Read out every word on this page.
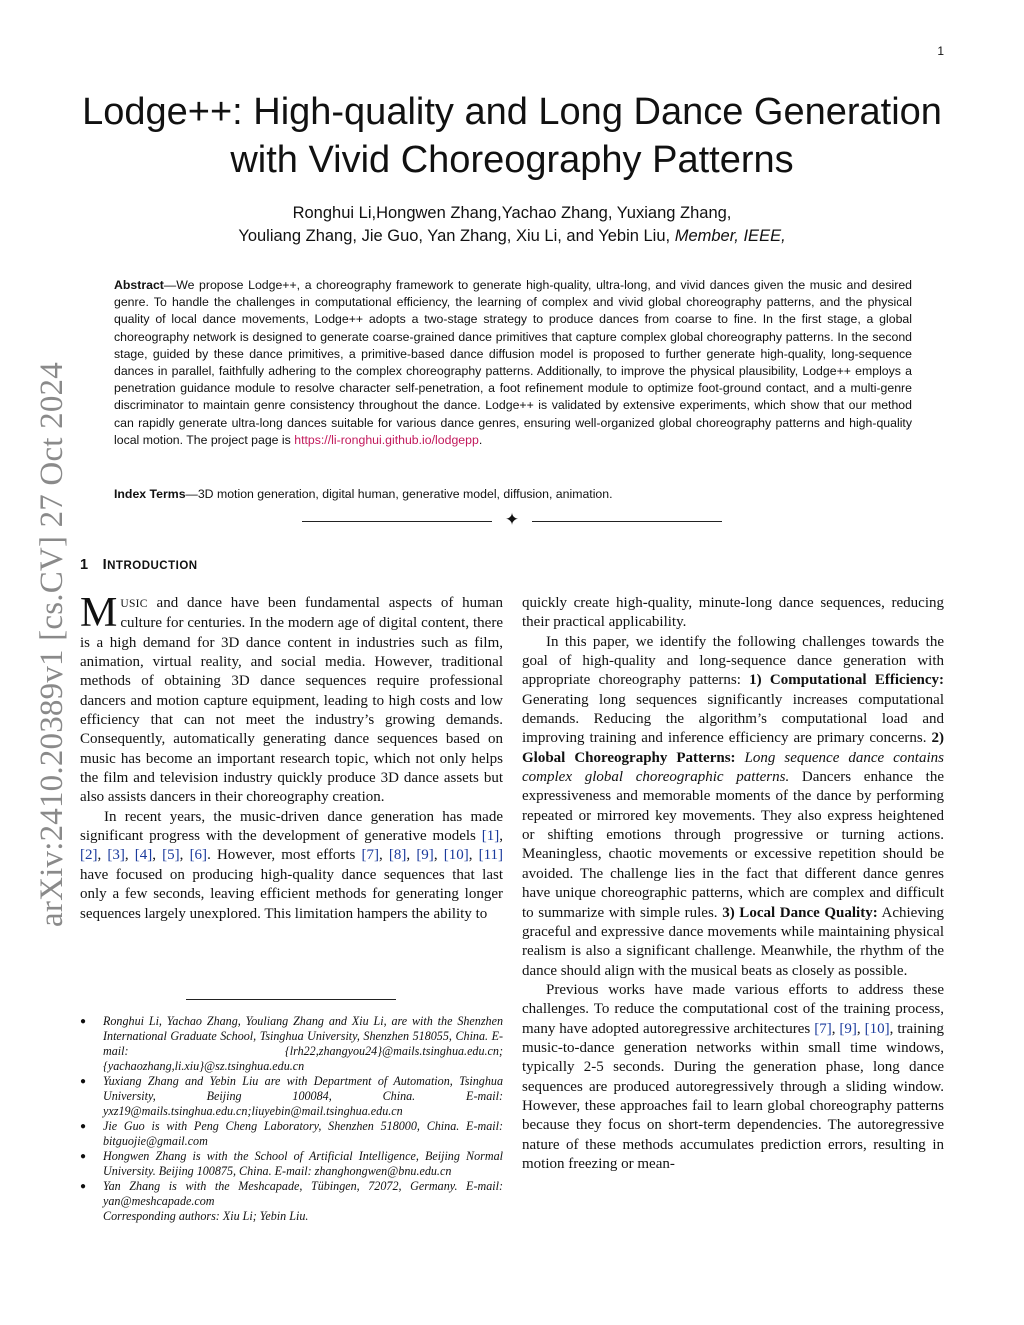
1
arXiv:2410.20389v1 [cs.CV] 27 Oct 2024
Lodge++: High-quality and Long Dance Generation with Vivid Choreography Patterns
Ronghui Li,Hongwen Zhang,Yachao Zhang, Yuxiang Zhang,
Youliang Zhang, Jie Guo, Yan Zhang, Xiu Li, and Yebin Liu, Member, IEEE,

Abstract—We propose Lodge++, a choreography framework to generate high-quality, ultra-long, and vivid dances given the music and desired genre. To handle the challenges in computational efficiency, the learning of complex and vivid global choreography patterns, and the physical quality of local dance movements, Lodge++ adopts a two-stage strategy to produce dances from coarse to fine. In the first stage, a global choreography network is designed to generate coarse-grained dance primitives that capture complex global choreography patterns. In the second stage, guided by these dance primitives, a primitive-based dance diffusion model is proposed to further generate high-quality, long-sequence dances in parallel, faithfully adhering to the complex choreography patterns. Additionally, to improve the physical plausibility, Lodge++ employs a penetration guidance module to resolve character self-penetration, a foot refinement module to optimize foot-ground contact, and a multi-genre discriminator to maintain genre consistency throughout the dance. Lodge++ is validated by extensive experiments, which show that our method can rapidly generate ultra-long dances suitable for various dance genres, ensuring well-organized global choreography patterns and high-quality local motion. The project page is https://li-ronghui.github.io/lodgepp.

Index Terms—3D motion generation, digital human, generative model, diffusion, animation.

✦
1 INTRODUCTION

MUSIC and dance have been fundamental aspects of human culture for centuries. In the modern age of digital content, there is a high demand for 3D dance content in industries such as film, animation, virtual reality, and social media. However, traditional methods of obtaining 3D dance sequences require professional dancers and motion capture equipment, leading to high costs and low efficiency that can not meet the industry’s growing demands. Consequently, automatically generating dance sequences based on music has become an important research topic, which not only helps the film and television industry quickly produce 3D dance assets but also assists dancers in their choreography creation.

In recent years, the music-driven dance generation has made significant progress with the development of generative models [1], [2], [3], [4], [5], [6]. However, most efforts [7], [8], [9], [10], [11] have focused on producing high-quality dance sequences that last only a few seconds, leaving efficient methods for generating longer sequences largely unexplored. This limitation hampers the ability to

● Ronghui Li, Yachao Zhang, Youliang Zhang and Xiu Li, are with the Shenzhen International Graduate School, Tsinghua University, Shenzhen 518055, China. E-mail: {lrh22,zhangyou24}@mails.tsinghua.edu.cn; {yachaozhang,li.xiu}@sz.tsinghua.edu.cn
● Yuxiang Zhang and Yebin Liu are with Department of Automation, Tsinghua University, Beijing 100084, China. E-mail: yxz19@mails.tsinghua.edu.cn;liuyebin@mail.tsinghua.edu.cn
● Jie Guo is with Peng Cheng Laboratory, Shenzhen 518000, China. E-mail: bitguojie@gmail.com
● Hongwen Zhang is with the School of Artificial Intelligence, Beijing Normal University. Beijing 100875, China. E-mail: zhanghongwen@bnu.edu.cn
● Yan Zhang is with the Meshcapade, Tübingen, 72072, Germany. E-mail: yan@meshcapade.com
Corresponding authors: Xiu Li; Yebin Liu.

quickly create high-quality, minute-long dance sequences, reducing their practical applicability.

In this paper, we identify the following challenges towards the goal of high-quality and long-sequence dance generation with appropriate choreography patterns: 1) Computational Efficiency: Generating long sequences significantly increases computational demands. Reducing the algorithm’s computational load and improving training and inference efficiency are primary concerns. 2) Global Choreography Patterns: Long sequence dance contains complex global choreographic patterns. Dancers enhance the expressiveness and memorable moments of the dance by performing repeated or mirrored key movements. They also express heightened or shifting emotions through progressive or turning actions. Meaningless, chaotic movements or excessive repetition should be avoided. The challenge lies in the fact that different dance genres have unique choreographic patterns, which are complex and difficult to summarize with simple rules. 3) Local Dance Quality: Achieving graceful and expressive dance movements while maintaining physical realism is also a significant challenge. Meanwhile, the rhythm of the dance should align with the musical beats as closely as possible.

Previous works have made various efforts to address these challenges. To reduce the computational cost of the training process, many have adopted autoregressive architectures [7], [9], [10], training music-to-dance generation networks within small time windows, typically 2-5 seconds. During the generation phase, long dance sequences are produced autoregressively through a sliding window. However, these approaches fail to learn global choreography patterns because they focus on short-term dependencies. The autoregressive nature of these methods accumulates prediction errors, resulting in motion freezing or mean-
